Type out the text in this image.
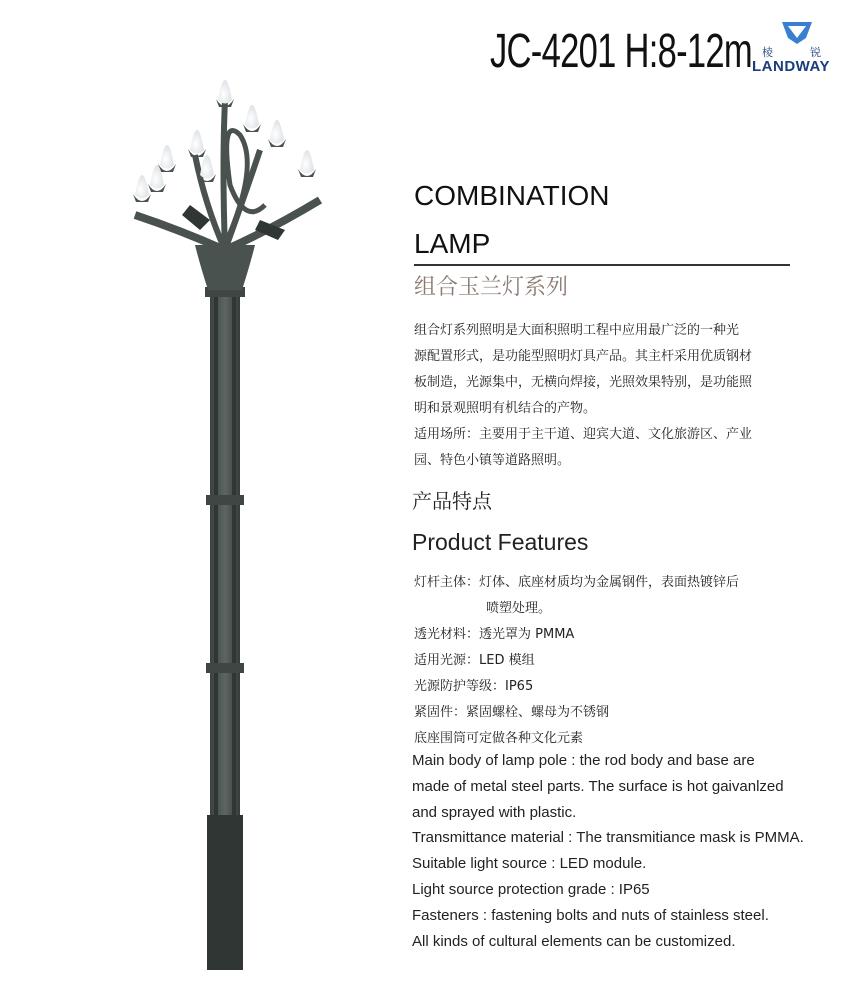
JC-4201 H:8-12m 棱	锐
LANDWAY
COMBINATION
LAMP
组合玉兰灯系列
组合灯系列照明是大面积照明工程中应用最广泛的一种光
源配置形式，是功能型照明灯具产品。其主杆采用优质钢材
板制造，光源集中，无横向焊接，光照效果特别，是功能照
明和景观照明有机结合的产物。
适用场所：主要用于主干道、迎宾大道、文化旅游区、产业
园、特色小镇等道路照明。
产品特点
Product Features
灯杆主体：灯体、底座材质均为金属钢件，表面热镀锌后
喷塑处理。
透光材料：透光罩为 PMMA
适用光源：LED 模组
光源防护等级：IP65
紧固件：紧固螺栓、螺母为不锈钢
底座围筒可定做各种文化元素
Main body of lamp pole : the rod body and base are
made of metal steel parts. The surface is hot gaivanlzed
and sprayed with plastic.
Transmittance material : The transmitiance mask is PMMA.
Suitable light source : LED module.
Light source protection grade : IP65
Fasteners : fastening bolts and nuts of stainless steel.
All kinds of cultural elements can be customized.
